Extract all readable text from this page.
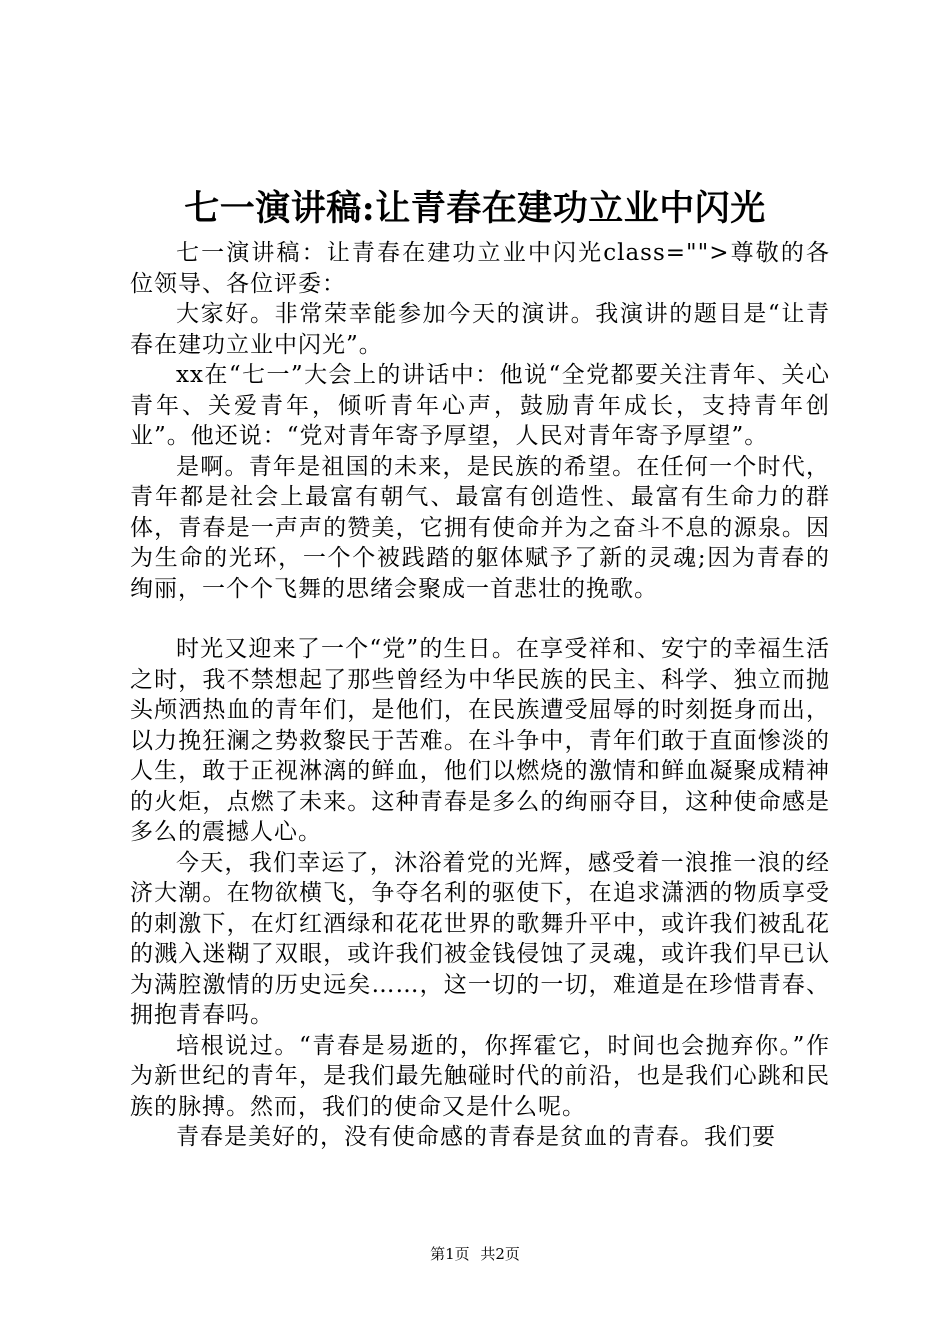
七一演讲稿:让青春在建功立业中闪光

七一演讲稿：让青春在建功立业中闪光class="">尊敬的各位领导、各位评委：

大家好。非常荣幸能参加今天的演讲。我演讲的题目是“让青春在建功立业中闪光”。

xx在“七一”大会上的讲话中：他说“全党都要关注青年、关心青年、关爱青年，倾听青年心声，鼓励青年成长，支持青年创业”。他还说：“党对青年寄予厚望，人民对青年寄予厚望”。

是啊。青年是祖国的未来，是民族的希望。在任何一个时代，青年都是社会上最富有朝气、最富有创造性、最富有生命力的群体，青春是一声声的赞美，它拥有使命并为之奋斗不息的源泉。因为生命的光环，一个个被践踏的躯体赋予了新的灵魂;因为青春的绚丽，一个个飞舞的思绪会聚成一首悲壮的挽歌。

时光又迎来了一个“党”的生日。在享受祥和、安宁的幸福生活之时，我不禁想起了那些曾经为中华民族的民主、科学、独立而抛头颅洒热血的青年们，是他们，在民族遭受屈辱的时刻挺身而出，以力挽狂澜之势救黎民于苦难。在斗争中，青年们敢于直面惨淡的人生，敢于正视淋漓的鲜血，他们以燃烧的激情和鲜血凝聚成精神的火炬，点燃了未来。这种青春是多么的绚丽夺目，这种使命感是多么的震撼人心。

今天，我们幸运了，沐浴着党的光辉，感受着一浪推一浪的经济大潮。在物欲横飞，争夺名利的驱使下，在追求潇洒的物质享受的刺激下，在灯红酒绿和花花世界的歌舞升平中，或许我们被乱花的溅入迷糊了双眼，或许我们被金钱侵蚀了灵魂，或许我们早已认为满腔激情的历史远矣……，这一切的一切，难道是在珍惜青春、拥抱青春吗。

培根说过。“青春是易逝的，你挥霍它，时间也会抛弃你。”作为新世纪的青年，是我们最先触碰时代的前沿，也是我们心跳和民族的脉搏。然而，我们的使命又是什么呢。

青春是美好的，没有使命感的青春是贫血的青春。我们要

第1页 共2页
